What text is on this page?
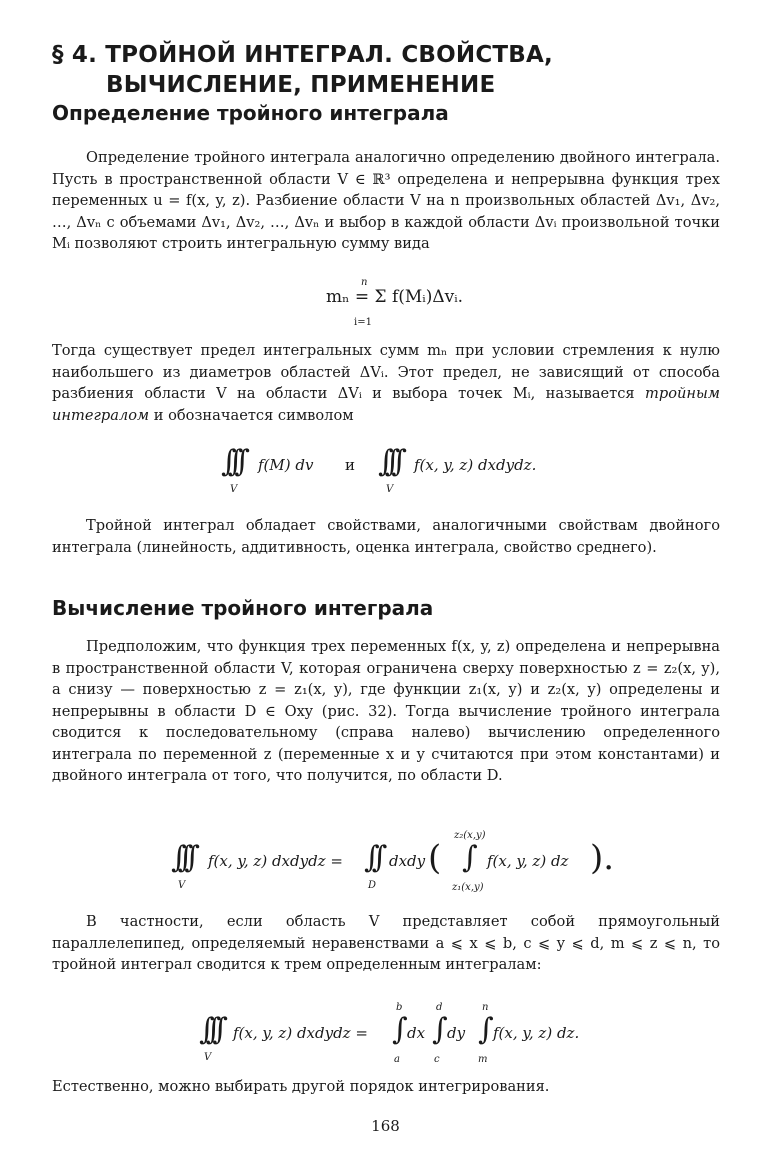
§ 4. ТРОЙНОЙ ИНТЕГРАЛ. СВОЙСТВА,
ВЫЧИСЛЕНИЕ, ПРИМЕНЕНИЕ
Определение тройного интеграла
Определение тройного интеграла аналогично определению двойного интеграла. Пусть в пространственной области V ∈ ℝ³ определена и непрерывна функция трех переменных u = f(x, y, z). Разбиение области V на n произвольных областей Δv₁, Δv₂, …, Δvₙ с объемами Δv₁, Δv₂, …, Δvₙ и выбор в каждой области Δvᵢ произвольной точки Mᵢ позволяют строить интегральную сумму вида
n
mₙ = Σ f(Mᵢ)Δvᵢ.
i=1
Тогда существует предел интегральных сумм mₙ при условии стремления к нулю наибольшего из диаметров областей ΔVᵢ. Этот предел, не зависящий от способа разбиения области V на области ΔVᵢ и выбора точек Mᵢ, называется тройным интегралом и обозначается символом
∫∫∫
V
f(M) dv и ∫∫∫
V
f(x, y, z) dxdydz.
Тройной интеграл обладает свойствами, аналогичными свойствам двойного интеграла (линейность, аддитивность, оценка интеграла, свойство среднего).
Вычисление тройного интеграла
Предположим, что функция трех переменных f(x, y, z) определена и непрерывна в пространственной области V, которая ограничена сверху поверхностью z = z₂(x, y), а снизу — поверхностью z = z₁(x, y), где функции z₁(x, y) и z₂(x, y) определены и непрерывны в области D ∈ Oxy (рис. 32). Тогда вычисление тройного интеграла сводится к последовательному (справа налево) вычислению определенного интеграла по переменной z (переменные x и y считаются при этом константами) и двойного интеграла от того, что получится, по области D.
∫∫∫
V
f(x, y, z) dxdydz = ∫∫
D
dxdy (
z₂(x,y)
∫
z₁(x,y)
f(x, y, z) dz ).
В частности, если область V представляет собой прямоугольный параллелепипед, определяемый неравенствами a ⩽ x ⩽ b, c ⩽ y ⩽ d, m ⩽ z ⩽ n, то тройной интеграл сводится к трем определенным интегралам:
∫∫∫
V
f(x, y, z) dxdydz =
b
∫
a
dx
d
∫
c
dy
n
∫
m
f(x, y, z) dz.
Естественно, можно выбирать другой порядок интегрирования.
168
